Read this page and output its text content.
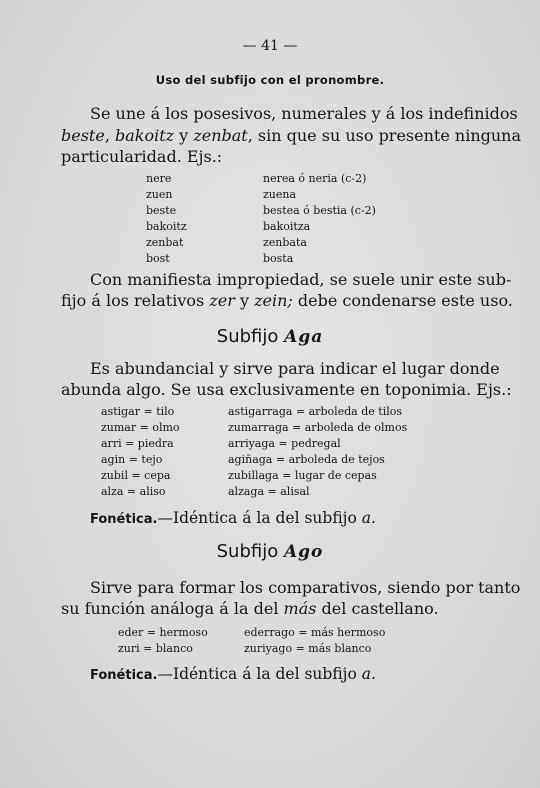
— 41 —
Uso del subfijo con el pronombre.
Se une á los posesivos, numerales y á los indefinidos
beste, bakoitz y zenbat, sin que su uso presente ninguna
particularidad. Ejs.:
nere
zuen
beste
bakoitz
zenbat
bost
nerea ó neria (c-2)
zuena
bestea ó bestia (c-2)
bakoitza
zenbata
bosta
Con manifiesta impropiedad, se suele unir este sub-
fijo á los relativos zer y zein; debe condenarse este uso.
Subfijo Aga
Es abundancial y sirve para indicar el lugar donde
abunda algo. Se usa exclusivamente en toponimia. Ejs.:
astigar = tilo
zumar = olmo
arri = piedra
agin = tejo
zubil = cepa
alza = aliso
astigarraga = arboleda de tilos
zumarraga = arboleda de olmos
arriyaga = pedregal
agiñaga = arboleda de tejos
zubillaga = lugar de cepas
alzaga = alisal
Fonética.—Idéntica á la del subfijo a.
Subfijo Ago
Sirve para formar los comparativos, siendo por tanto
su función análoga á la del más del castellano.
eder = hermoso
zuri = blanco
ederrago = más hermoso
zuriyago = más blanco
Fonética.—Idéntica á la del subfijo a.
